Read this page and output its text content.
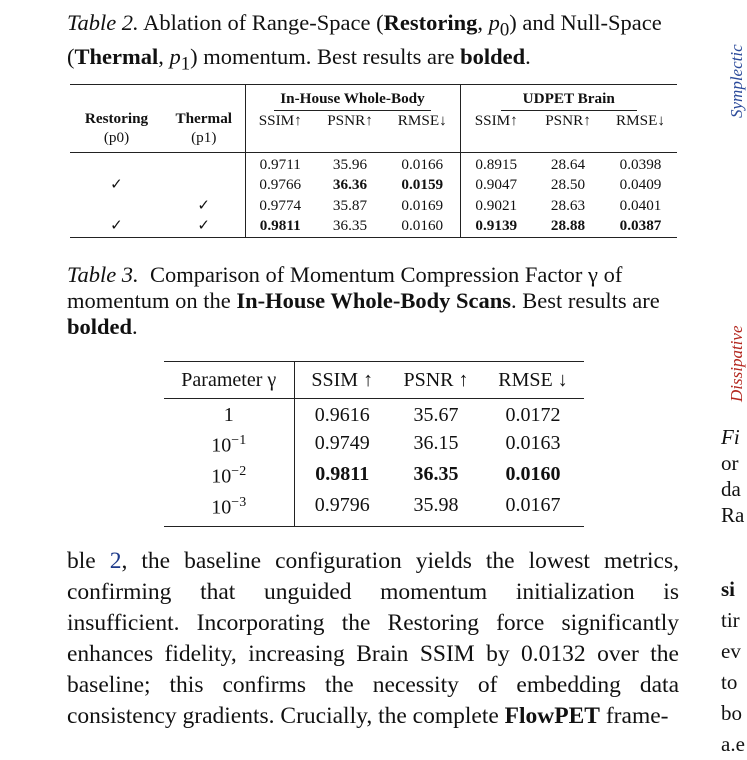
Table 2. Ablation of Range-Space (Restoring, $p_0$) and Null-Space (Thermal, $p_1$) momentum. Best results are bolded.
Restoring	Thermal	In-House Whole-Body			UDPET Brain		
		SSIM↑	PSNR↑	RMSE↓	SSIM↑	PSNR↑	RMSE↓
(p0)	(p1)						
		0.9711	35.96	0.0166	0.8915	28.64	0.0398
✓		0.9766	36.36	0.0159	0.9047	28.50	0.0409
	✓	0.9774	35.87	0.0169	0.9021	28.63	0.0401
✓	✓	0.9811	36.35	0.0160	0.9139	28.88	0.0387
Table 3. Comparison of Momentum Compression Factor γ of momentum on the In-House Whole-Body Scans. Best results are bolded.
Parameter γ	SSIM ↑	PSNR ↑	RMSE ↓
1	0.9616	35.67	0.0172
$10^{-1}$	0.9749	36.15	0.0163
$10^{-2}$	0.9811	36.35	0.0160
$10^{-3}$	0.9796	35.98	0.0167
ble 2, the baseline configuration yields the lowest metrics, confirming that unguided momentum initialization is insufficient. Incorporating the Restoring force significantly enhances fidelity, increasing Brain SSIM by 0.0132 over the baseline; this confirms the necessity of embedding data consistency gradients. Crucially, the complete FlowPET frame-
Symplectic
Dissipative
Fi
or
da
Ra
si
tir
ev
to
bo
a.e
